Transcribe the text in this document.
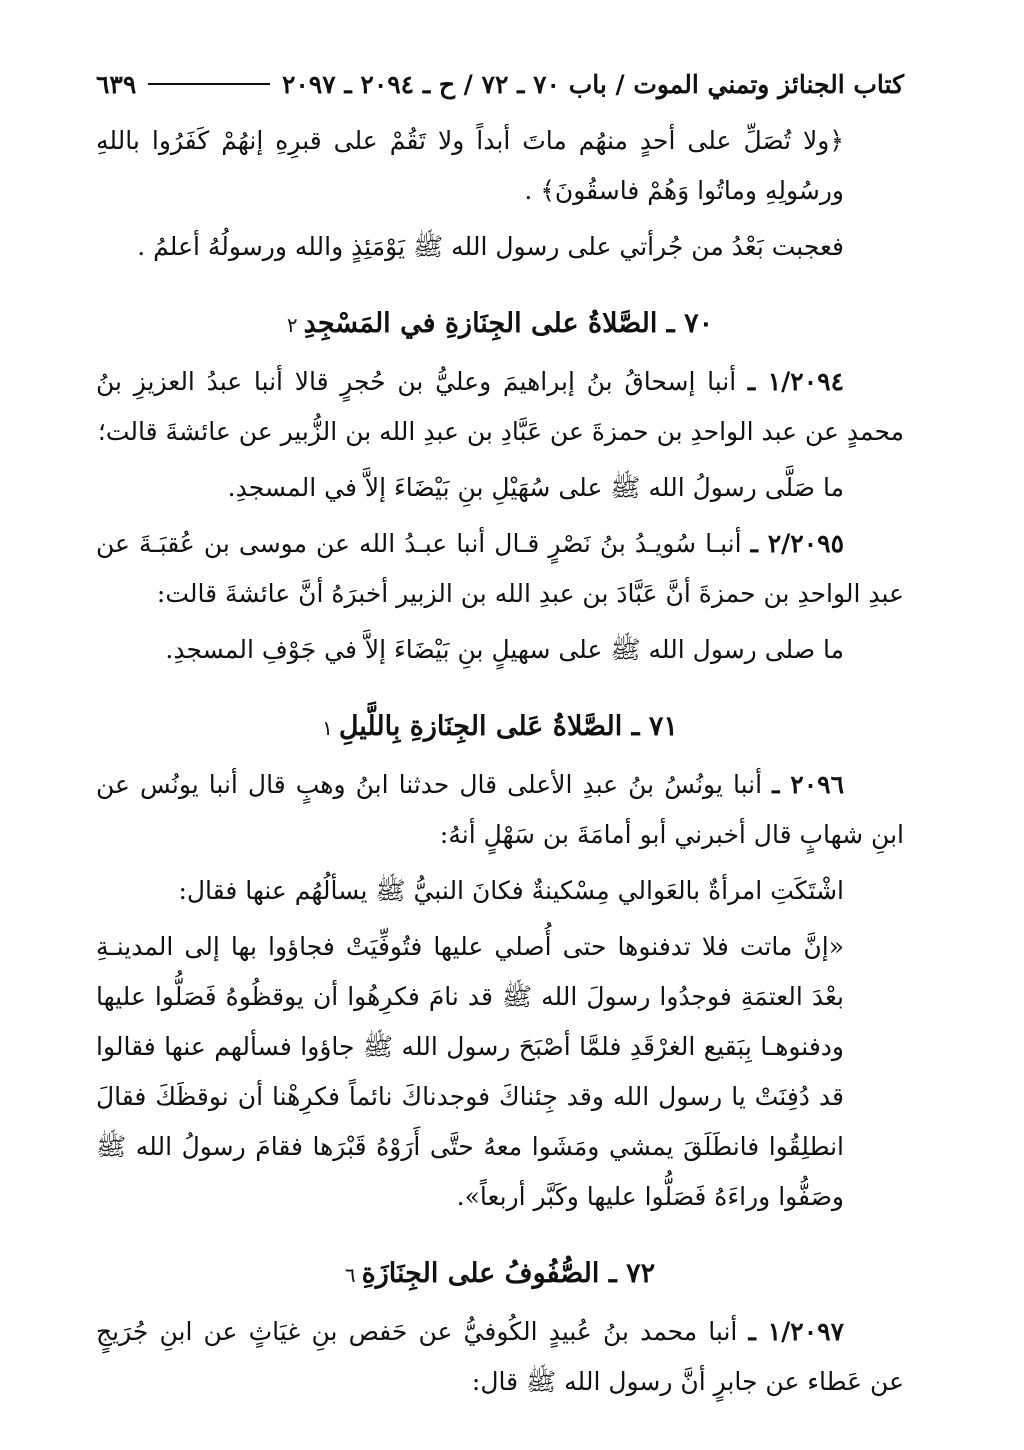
كتاب الجنائز وتمني الموت / باب ٧٠ ـ ٧٢ / ح ـ ٢٠٩٤ ـ ٢٠٩٧
٦٣٩

﴿ولا تُصَلِّ على أحدٍ منهُم ماتَ أبداً ولا تَقُمْ على قبرِهِ إنهُمْ كَفَرُوا باللهِ ورسُولِهِ وماتُوا وَهُمْ فاسقُونَ﴾ .

فعجبت بَعْدُ من جُرأتي على رسول الله ﷺ يَوْمَئِذٍ والله ورسولُهُ أعلمُ .

٧٠ ـ الصَّلاةُ على الجِنَازةِ في المَسْجِدِ٢

١/٢٠٩٤ ـ أنبا إسحاقُ بنُ إبراهيمَ وعليُّ بن حُجرٍ قالا أنبا عبدُ العزيزِ بنُ محمدٍ عن عبد الواحدِ بن حمزةَ عن عَبَّادِ بن عبدِ الله بن الزُّبير عن عائشةَ قالت؛

ما صَلَّى رسولُ الله ﷺ على سُهَيْلِ بنِ بَيْضَاءَ إلاَّ في المسجدِ.

٢/٢٠٩٥ ـ أنبـا سُويـدُ بنُ نَصْرٍ قـال أنبا عبـدُ الله عن موسى بن عُقبَـةَ عن عبدِ الواحدِ بن حمزةَ أنَّ عَبَّادَ بن عبدِ الله بن الزبير أخبرَهُ أنَّ عائشةَ قالت:

ما صلى رسول الله ﷺ على سهيلٍ بنِ بَيْضَاءَ إلاَّ في جَوْفِ المسجدِ.

٧١ ـ الصَّلاةُ عَلى الجِنَازةِ بِاللَّيلِ١

٢٠٩٦ ـ أنبا يونُسُ بنُ عبدِ الأعلى قال حدثنا ابنُ وهبٍ قال أنبا يونُس عن ابنِ شهابٍ قال أخبرني أبو أمامَةَ بن سَهْلٍ أنهُ:

اشْتَكَتِ امرأةٌ بالعَوالي مِسْكينةٌ فكانَ النبيُّ ﷺ يسألُهُم عنها فقال:

«إنَّ ماتت فلا تدفنوها حتى أُصلي عليها فتُوفِّيَتْ فجاؤوا بها إلى المدينـةِ بعْدَ العتمَةِ فوجدُوا رسولَ الله ﷺ قد نامَ فكرِهُوا أن يوقظُوهُ فَصَلُّوا عليها ودفنوهـا بِبَقيع الغرْقَدِ فلمَّا أصْبَحَ رسول الله ﷺ جاؤوا فسألهم عنها فقالوا قد دُفِنَتْ يا رسول الله وقد جِئناكَ فوجدناكَ نائماً فكرِهْنا أن نوقظَكَ فقالَ انطلِقُوا فانطَلَقَ يمشي ومَشَوا معهُ حتَّى أَرَوْهُ قَبْرَها فقامَ رسولُ الله ﷺ وصَفُّوا وراءَهُ فَصَلُّوا عليها وكَبَّر أربعاً».

٧٢ ـ الصُّفُوفُ على الجِنَازَةِ٦

١/٢٠٩٧ ـ أنبا محمد بنُ عُبيدٍ الكُوفيُّ عن حَفص بنِ غيَاثٍ عن ابنِ جُرَيجٍ عن عَطاء عن جابرٍ أنَّ رسول الله ﷺ قال:
